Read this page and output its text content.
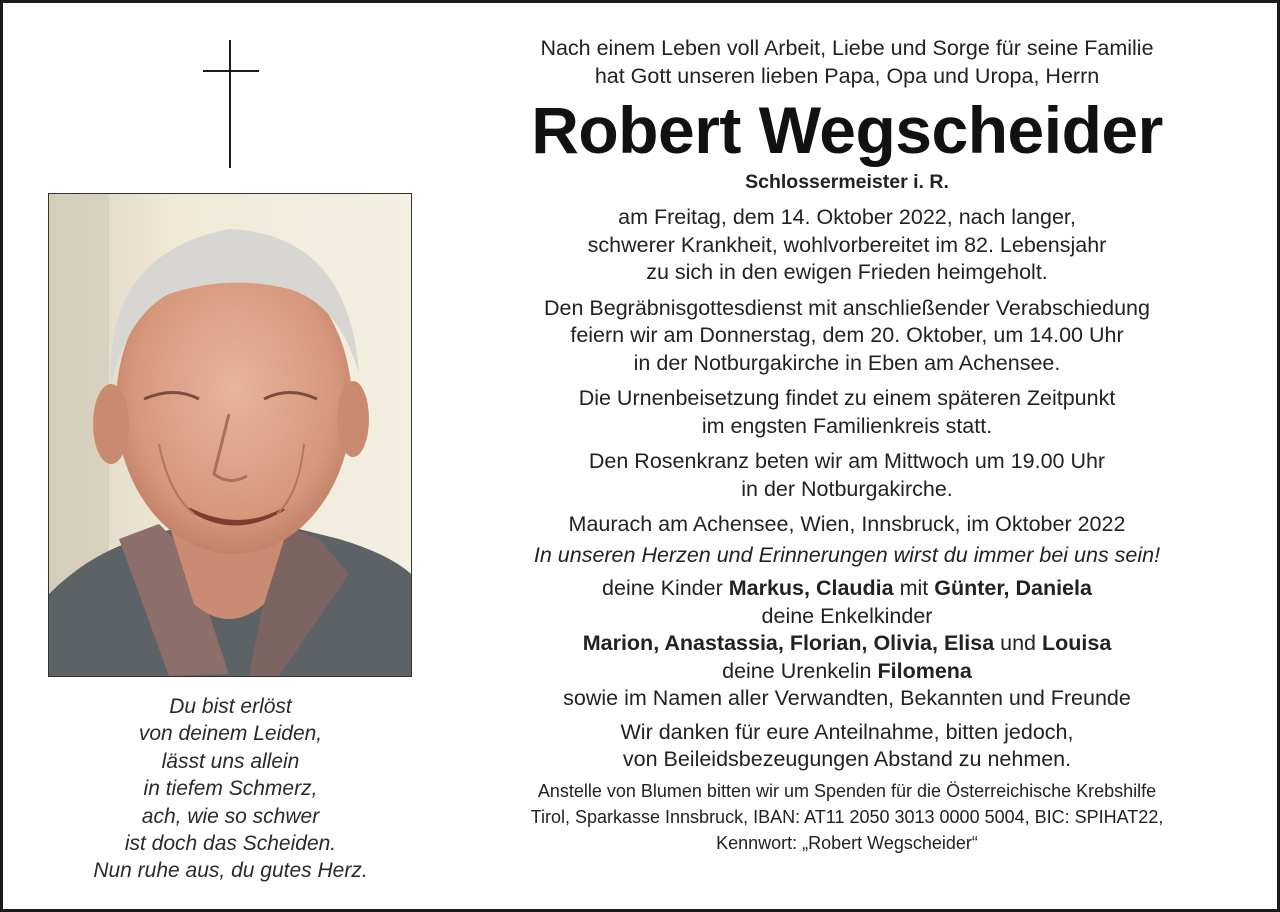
Du bist erlöst
von deinem Leiden,
lässt uns allein
in tiefem Schmerz,
ach, wie so schwer
ist doch das Scheiden.
Nun ruhe aus, du gutes Herz.
Nach einem Leben voll Arbeit, Liebe und Sorge für seine Familie
hat Gott unseren lieben Papa, Opa und Uropa, Herrn
Robert Wegscheider
Schlossermeister i. R.
am Freitag, dem 14. Oktober 2022, nach langer,
schwerer Krankheit, wohlvorbereitet im 82. Lebensjahr
zu sich in den ewigen Frieden heimgeholt.
Den Begräbnisgottesdienst mit anschließender Verabschiedung
feiern wir am Donnerstag, dem 20. Oktober, um 14.00 Uhr
in der Notburgakirche in Eben am Achensee.
Die Urnenbeisetzung findet zu einem späteren Zeitpunkt
im engsten Familienkreis statt.
Den Rosenkranz beten wir am Mittwoch um 19.00 Uhr
in der Notburgakirche.
Maurach am Achensee, Wien, Innsbruck, im Oktober 2022
In unseren Herzen und Erinnerungen wirst du immer bei uns sein!
deine Kinder Markus, Claudia mit Günter, Daniela
deine Enkelkinder
Marion, Anastassia, Florian, Olivia, Elisa und Louisa
deine Urenkelin Filomena
sowie im Namen aller Verwandten, Bekannten und Freunde
Wir danken für eure Anteilnahme, bitten jedoch,
von Beileidsbezeugungen Abstand zu nehmen.
Anstelle von Blumen bitten wir um Spenden für die Österreichische Krebshilfe
Tirol, Sparkasse Innsbruck, IBAN: AT11 2050 3013 0000 5004, BIC: SPIHAT22,
Kennwort: „Robert Wegscheider“
